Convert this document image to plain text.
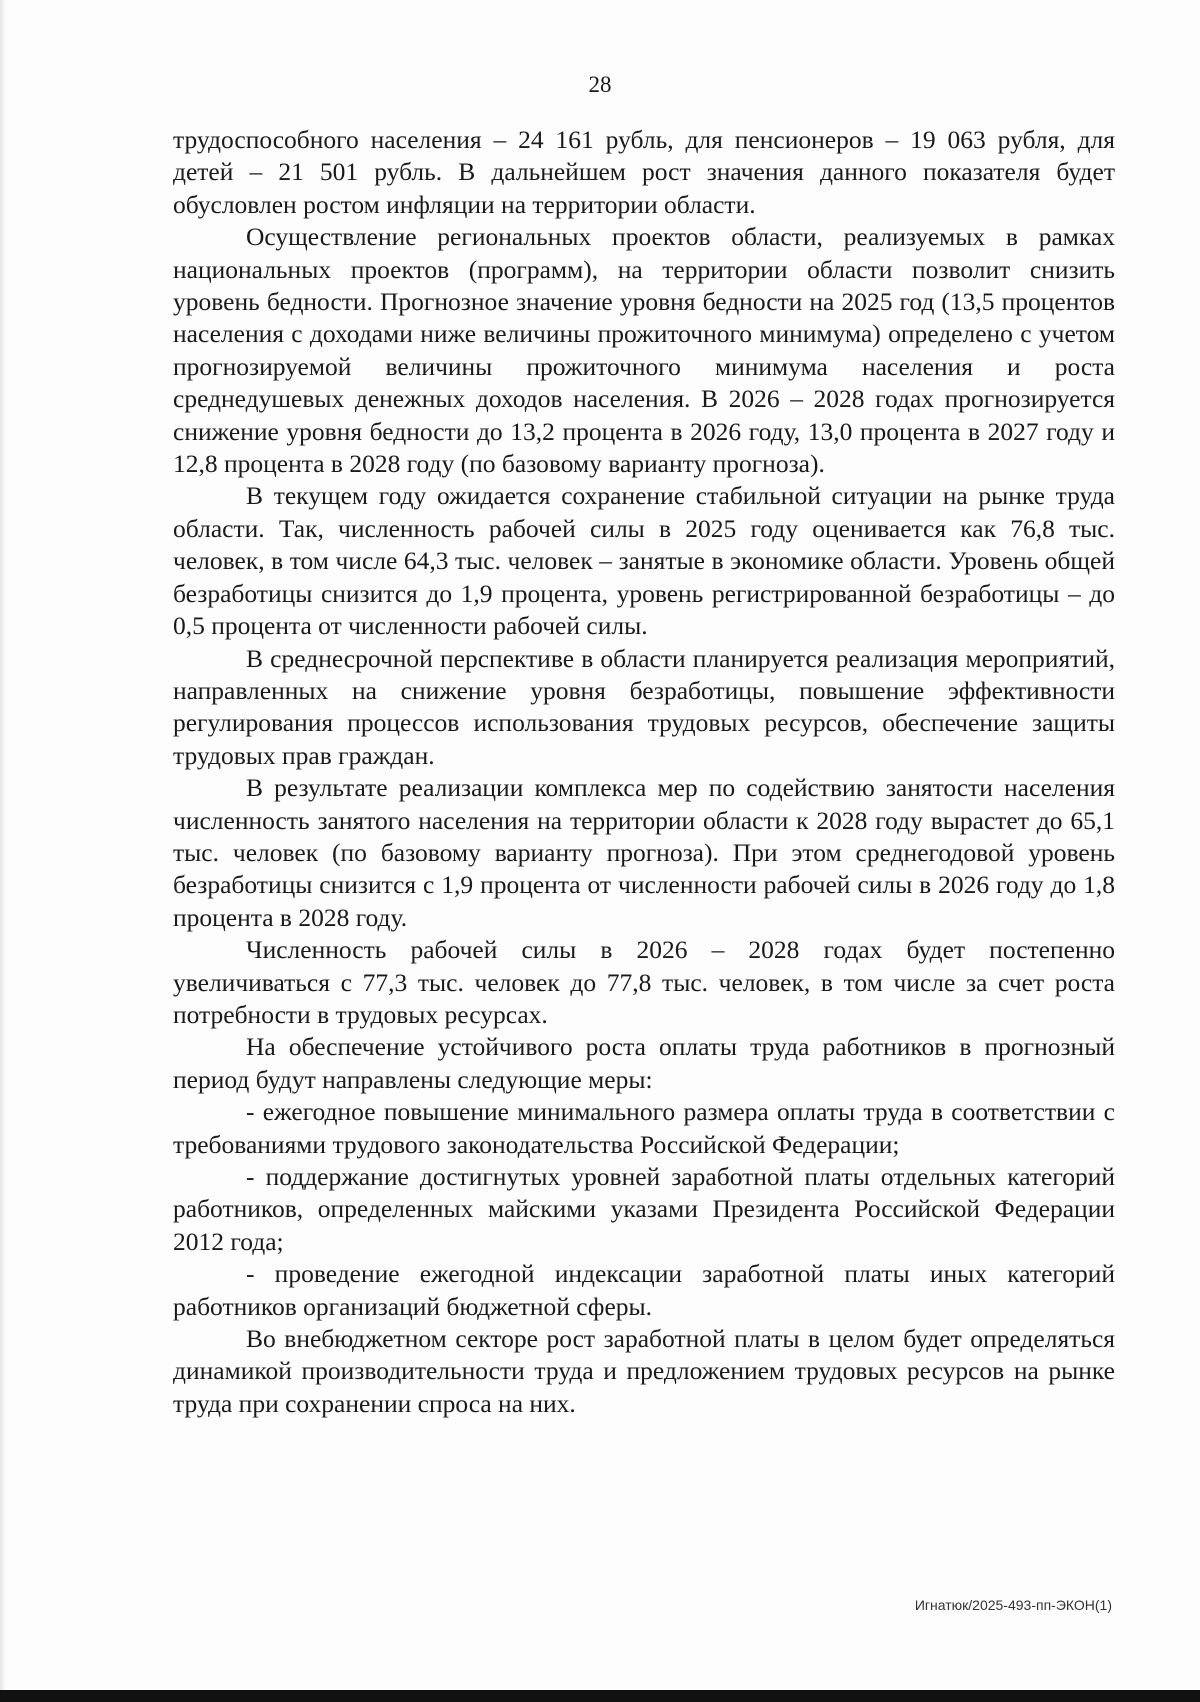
28

трудоспособного населения – 24 161 рубль, для пенсионеров – 19 063 рубля, для детей – 21 501 рубль. В дальнейшем рост значения данного показателя будет обусловлен ростом инфляции на территории области.

Осуществление региональных проектов области, реализуемых в рамках национальных проектов (программ), на территории области позволит снизить уровень бедности. Прогнозное значение уровня бедности на 2025 год (13,5 процентов населения с доходами ниже величины прожиточного минимума) определено с учетом прогнозируемой величины прожиточного минимума населения и роста среднедушевых денежных доходов населения. В 2026 – 2028 годах прогнозируется снижение уровня бедности до 13,2 процента в 2026 году, 13,0 процента в 2027 году и 12,8 процента в 2028 году (по базовому варианту прогноза).

В текущем году ожидается сохранение стабильной ситуации на рынке труда области. Так, численность рабочей силы в 2025 году оценивается как 76,8 тыс. человек, в том числе 64,3 тыс. человек – занятые в экономике области. Уровень общей безработицы снизится до 1,9 процента, уровень регистрированной безработицы – до 0,5 процента от численности рабочей силы.

В среднесрочной перспективе в области планируется реализация мероприятий, направленных на снижение уровня безработицы, повышение эффективности регулирования процессов использования трудовых ресурсов, обеспечение защиты трудовых прав граждан.

В результате реализации комплекса мер по содействию занятости населения численность занятого населения на территории области к 2028 году вырастет до 65,1 тыс. человек (по базовому варианту прогноза). При этом среднегодовой уровень безработицы снизится с 1,9 процента от численности рабочей силы в 2026 году до 1,8 процента в 2028 году.

Численность рабочей силы в 2026 – 2028 годах будет постепенно увеличиваться с 77,3 тыс. человек до 77,8 тыс. человек, в том числе за счет роста потребности в трудовых ресурсах.

На обеспечение устойчивого роста оплаты труда работников в прогнозный период будут направлены следующие меры:

- ежегодное повышение минимального размера оплаты труда в соответствии с требованиями трудового законодательства Российской Федерации;

- поддержание достигнутых уровней заработной платы отдельных категорий работников, определенных майскими указами Президента Российской Федерации 2012 года;

- проведение ежегодной индексации заработной платы иных категорий работников организаций бюджетной сферы.

Во внебюджетном секторе рост заработной платы в целом будет определяться динамикой производительности труда и предложением трудовых ресурсов на рынке труда при сохранении спроса на них.

Игнатюк/2025-493-пп-ЭКОН(1)
